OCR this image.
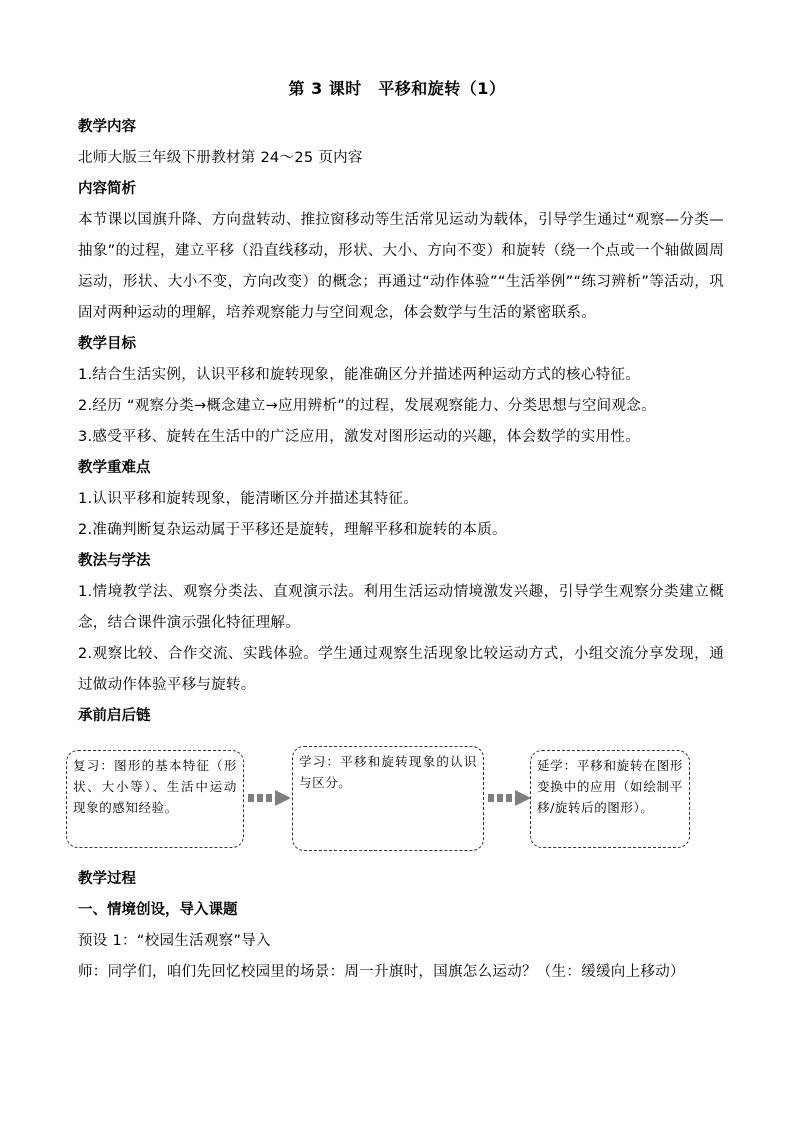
第 3 课时　平移和旋转（1）
教学内容
北师大版三年级下册教材第 24～25 页内容
内容简析
本节课以国旗升降、方向盘转动、推拉窗移动等生活常见运动为载体，引导学生通过“观察—分类—抽象”的过程，建立平移（沿直线移动，形状、大小、方向不变）和旋转（绕一个点或一个轴做圆周运动，形状、大小不变，方向改变）的概念；再通过“动作体验”“生活举例”“练习辨析”等活动，巩固对两种运动的理解，培养观察能力与空间观念，体会数学与生活的紧密联系。
教学目标
1.结合生活实例，认识平移和旋转现象，能准确区分并描述两种运动方式的核心特征。
2.经历 “观察分类→概念建立→应用辨析”的过程，发展观察能力、分类思想与空间观念。
3.感受平移、旋转在生活中的广泛应用，激发对图形运动的兴趣，体会数学的实用性。
教学重难点
1.认识平移和旋转现象，能清晰区分并描述其特征。
2.准确判断复杂运动属于平移还是旋转，理解平移和旋转的本质。
教法与学法
1.情境教学法、观察分类法、直观演示法。利用生活运动情境激发兴趣，引导学生观察分类建立概念，结合课件演示强化特征理解。
2.观察比较、合作交流、实践体验。学生通过观察生活现象比较运动方式，小组交流分享发现，通过做动作体验平移与旋转。
承前启后链
复习：图形的基本特征（形状、大小等）、生活中运动现象的感知经验。
学习：平移和旋转现象的认识与区分。
延学：平移和旋转在图形变换中的应用（如绘制平移/旋转后的图形）。
教学过程
一、情境创设，导入课题
预设 1：“校园生活观察”导入
师：同学们，咱们先回忆校园里的场景：周一升旗时，国旗怎么运动？（生：缓缓向上移动）
